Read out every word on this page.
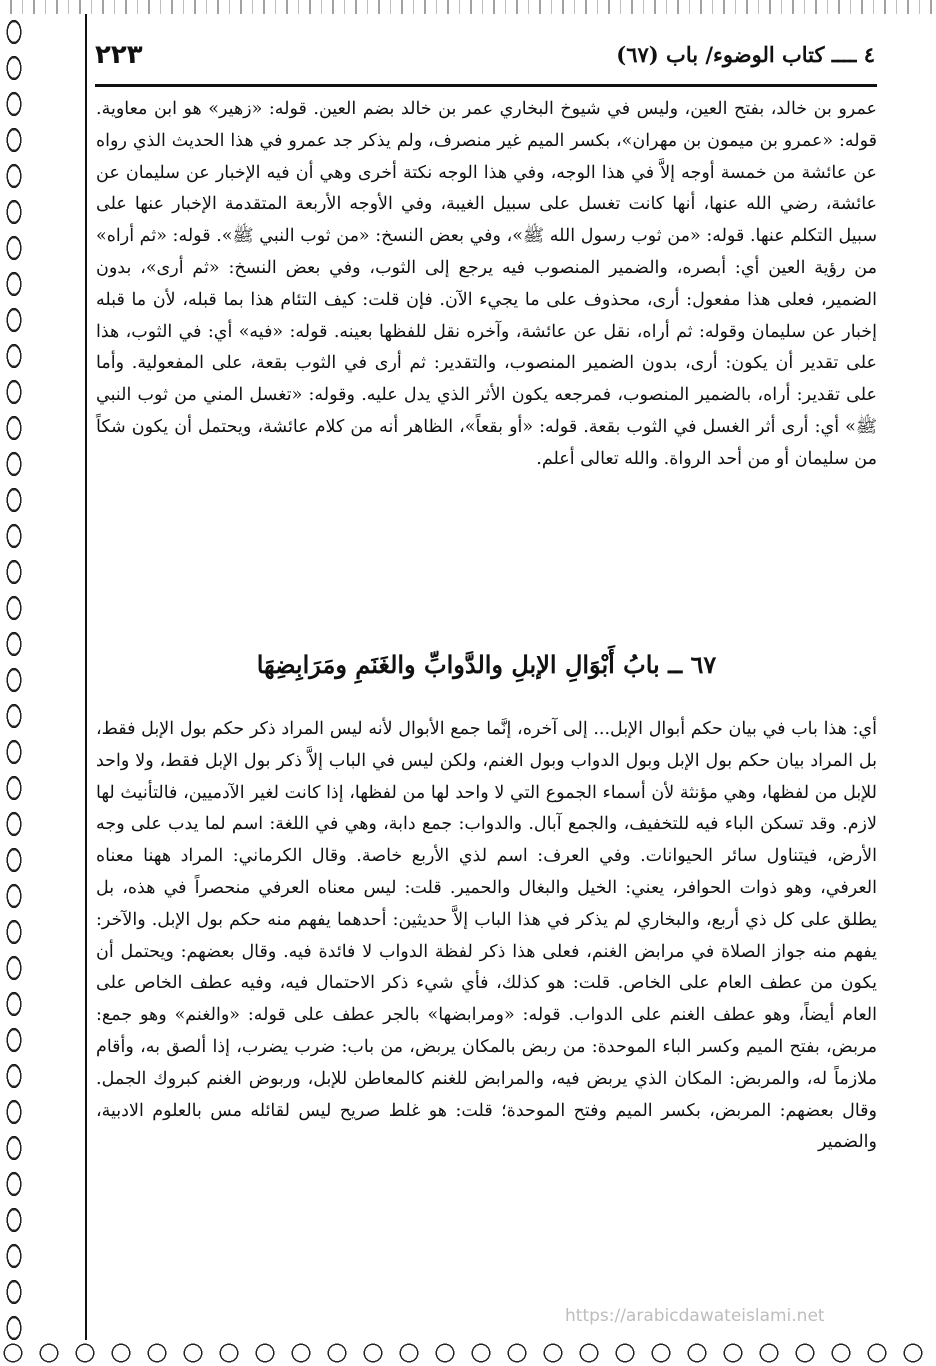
٢٢٣	٤ ــــ كتاب الوضوء/ باب (٦٧)

عمرو بن خالد، بفتح العين، وليس في شيوخ البخاري عمر بن خالد بضم العين. قوله: «زهير» هو ابن معاوية. قوله: «عمرو بن ميمون بن مهران»، بكسر الميم غير منصرف، ولم يذكر جد عمرو في هذا الحديث الذي رواه عن عائشة من خمسة أوجه إلاَّ في هذا الوجه، وفي هذا الوجه نكتة أخرى وهي أن فيه الإخبار عن سليمان عن عائشة، رضي الله عنها، أنها كانت تغسل على سبيل الغيبة، وفي الأوجه الأربعة المتقدمة الإخبار عنها على سبيل التكلم عنها. قوله: «من ثوب رسول الله ﷺ»، وفي بعض النسخ: «من ثوب النبي ﷺ». قوله: «ثم أراه» من رؤية العين أي: أبصره، والضمير المنصوب فيه يرجع إلى الثوب، وفي بعض النسخ: «ثم أرى»، بدون الضمير، فعلى هذا مفعول: أرى، محذوف على ما يجيء الآن. فإن قلت: كيف التئام هذا بما قبله، لأن ما قبله إخبار عن سليمان وقوله: ثم أراه، نقل عن عائشة، وآخره نقل للفظها بعينه. قوله: «فيه» أي: في الثوب، هذا على تقدير أن يكون: أرى، بدون الضمير المنصوب، والتقدير: ثم أرى في الثوب بقعة، على المفعولية. وأما على تقدير: أراه، بالضمير المنصوب، فمرجعه يكون الأثر الذي يدل عليه. وقوله: «تغسل المني من ثوب النبي ﷺ» أي: أرى أثر الغسل في الثوب بقعة. قوله: «أو بقعاً»، الظاهر أنه من كلام عائشة، ويحتمل أن يكون شكاً من سليمان أو من أحد الرواة. والله تعالى أعلم.

٦٧ ــ بابُ أَبْوَالِ الإبلِ والدَّوابِّ والغَنَمِ ومَرَابِضِهَا

أي: هذا باب في بيان حكم أبوال الإبل... إلى آخره، إنَّما جمع الأبوال لأنه ليس المراد ذكر حكم بول الإبل فقط، بل المراد بيان حكم بول الإبل وبول الدواب وبول الغنم، ولكن ليس في الباب إلاَّ ذكر بول الإبل فقط، ولا واحد للإبل من لفظها، وهي مؤنثة لأن أسماء الجموع التي لا واحد لها من لفظها، إذا كانت لغير الآدميين، فالتأنيث لها لازم. وقد تسكن الباء فيه للتخفيف، والجمع آبال. والدواب: جمع دابة، وهي في اللغة: اسم لما يدب على وجه الأرض، فيتناول سائر الحيوانات. وفي العرف: اسم لذي الأربع خاصة. وقال الكرماني: المراد ههنا معناه العرفي، وهو ذوات الحوافر، يعني: الخيل والبغال والحمير. قلت: ليس معناه العرفي منحصراً في هذه، بل يطلق على كل ذي أربع، والبخاري لم يذكر في هذا الباب إلاَّ حديثين: أحدهما يفهم منه حكم بول الإبل. والآخر: يفهم منه جواز الصلاة في مرابض الغنم، فعلى هذا ذكر لفظة الدواب لا فائدة فيه. وقال بعضهم: ويحتمل أن يكون من عطف العام على الخاص. قلت: هو كذلك، فأي شيء ذكر الاحتمال فيه، وفيه عطف الخاص على العام أيضاً، وهو عطف الغنم على الدواب. قوله: «ومرابضها» بالجر عطف على قوله: «والغنم» وهو جمع: مربض، بفتح الميم وكسر الباء الموحدة: من ربض بالمكان يربض، من باب: ضرب يضرب، إذا ألصق به، وأقام ملازماً له، والمربض: المكان الذي يربض فيه، والمرابض للغنم كالمعاطن للإبل، وربوض الغنم كبروك الجمل. وقال بعضهم: المربض، بكسر الميم وفتح الموحدة؛ قلت: هو غلط صريح ليس لقائله مس بالعلوم الادبية، والضمير

https://arabicdawateislami.net
